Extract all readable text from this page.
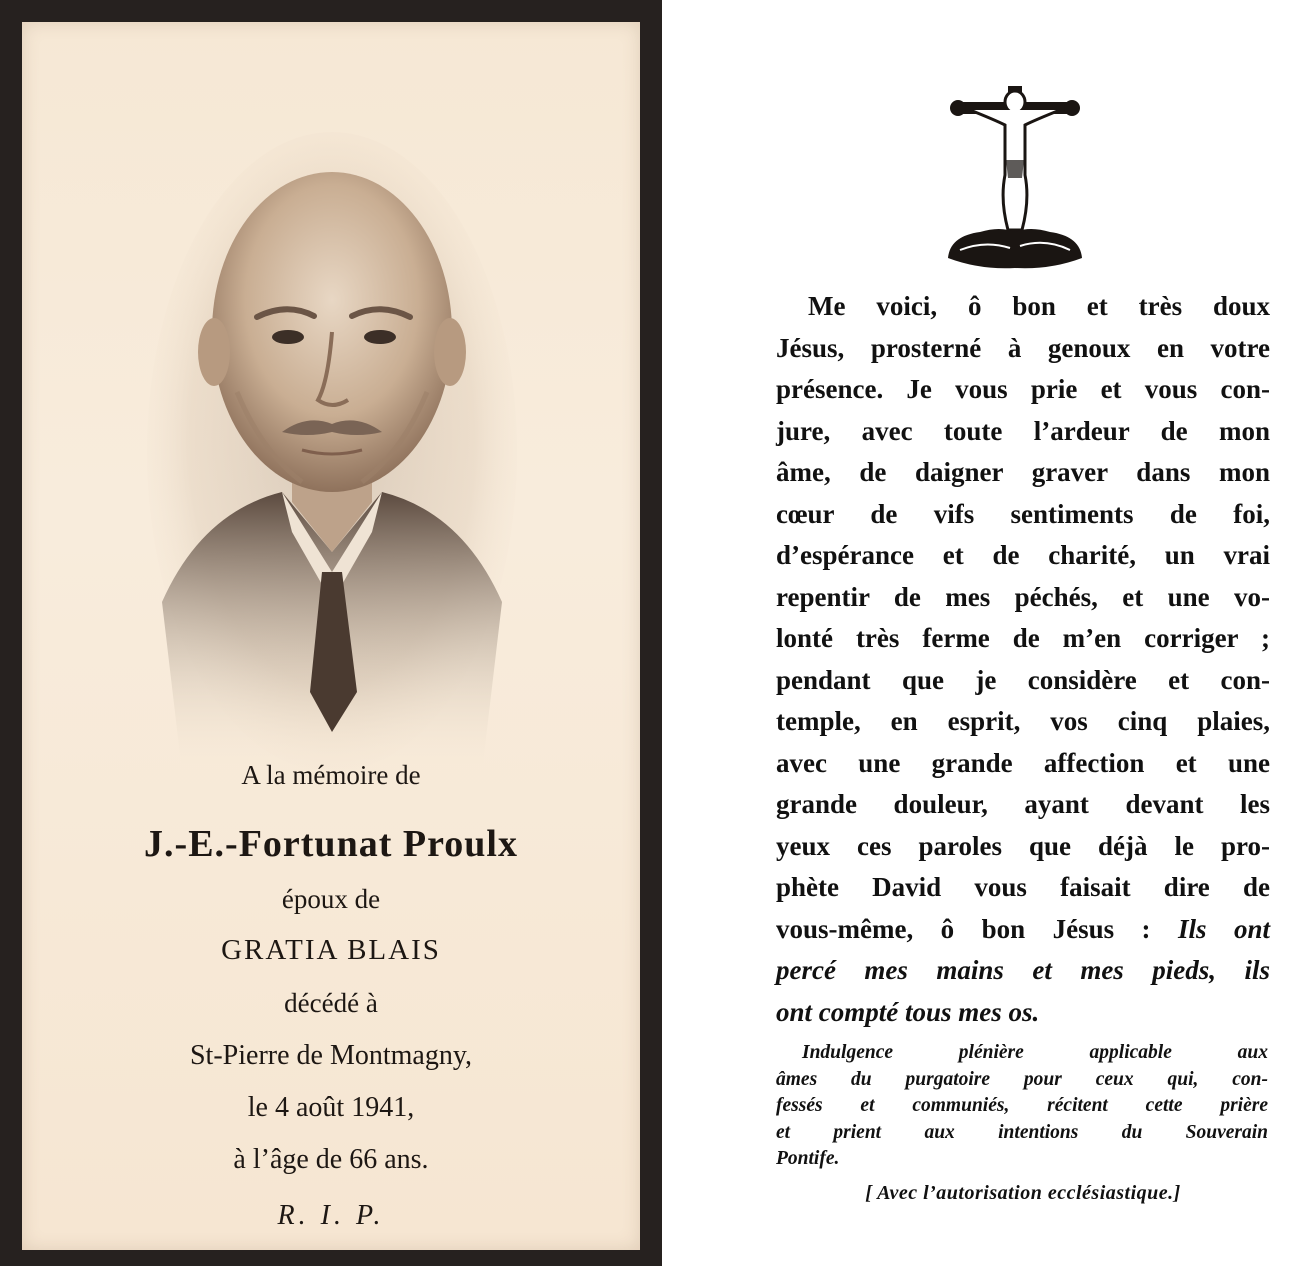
A la mémoire de
J.-E.-Fortunat Proulx
époux de
GRATIA BLAIS
décédé à
St-Pierre de Montmagny,
le 4 août 1941,
à l’âge de 66 ans.
R. I. P.
Me voici, ô bon et très doux
Jésus, prosterné à genoux en votre
présence. Je vous prie et vous con-
jure, avec toute l’ardeur de mon
âme, de daigner graver dans mon
cœur de vifs sentiments de foi,
d’espérance et de charité, un vrai
repentir de mes péchés, et une vo-
lonté très ferme de m’en corriger ;
pendant que je considère et con-
temple, en esprit, vos cinq plaies,
avec une grande affection et une
grande douleur, ayant devant les
yeux ces paroles que déjà le pro-
phète David vous faisait dire de
vous-même, ô bon Jésus : Ils ont
percé mes mains et mes pieds, ils
ont compté tous mes os.
Indulgence plénière applicable aux
âmes du purgatoire pour ceux qui, con-
fessés et communiés, récitent cette prière
et prient aux intentions du Souverain
Pontife.
[ Avec l’autorisation ecclésiastique.]
